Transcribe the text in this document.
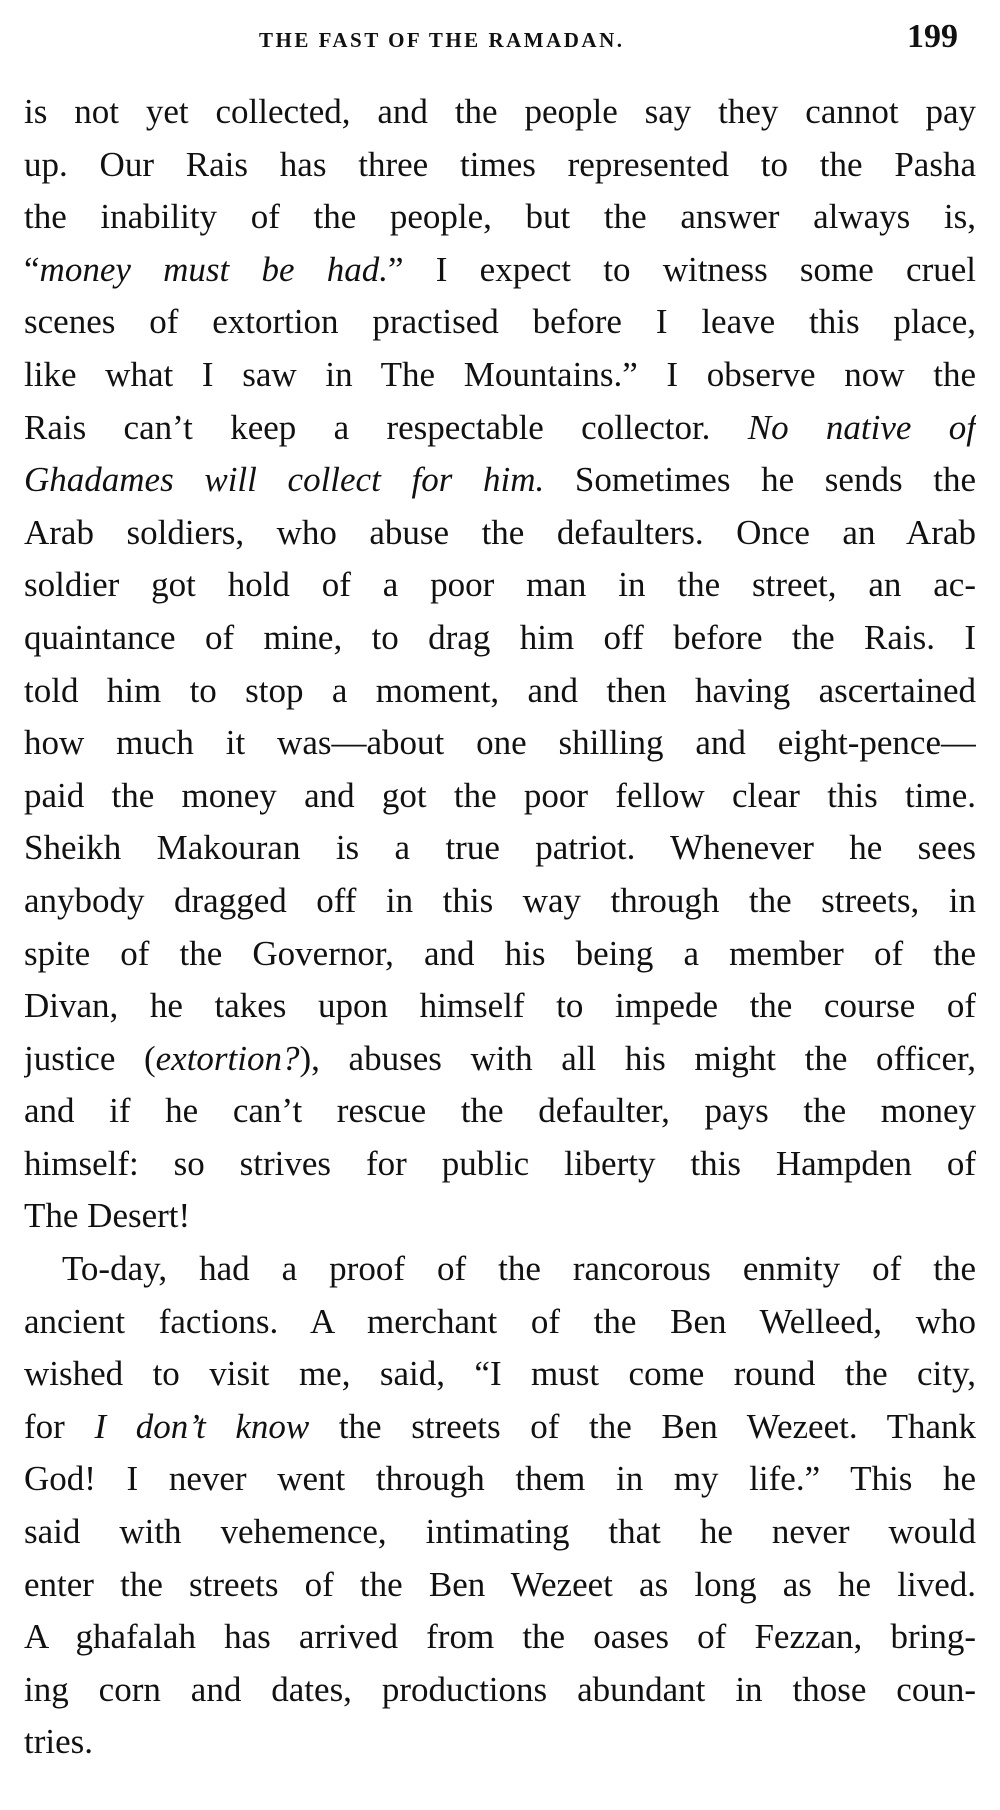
THE FAST OF THE RAMADAN.	199
is not yet collected, and the people say they cannot pay
up. Our Rais has three times represented to the Pasha
the inability of the people, but the answer always is,
“money must be had.” I expect to witness some cruel
scenes of extortion practised before I leave this place,
like what I saw in The Mountains.” I observe now the
Rais can’t keep a respectable collector. No native of
Ghadames will collect for him. Sometimes he sends the
Arab soldiers, who abuse the defaulters. Once an Arab
soldier got hold of a poor man in the street, an ac-
quaintance of mine, to drag him off before the Rais. I
told him to stop a moment, and then having ascertained
how much it was—about one shilling and eight-pence—
paid the money and got the poor fellow clear this time.
Sheikh Makouran is a true patriot. Whenever he sees
anybody dragged off in this way through the streets, in
spite of the Governor, and his being a member of the
Divan, he takes upon himself to impede the course of
justice (extortion?), abuses with all his might the officer,
and if he can’t rescue the defaulter, pays the money
himself: so strives for public liberty this Hampden of
The Desert!
To-day, had a proof of the rancorous enmity of the
ancient factions. A merchant of the Ben Welleed, who
wished to visit me, said, “I must come round the city,
for I don’t know the streets of the Ben Wezeet. Thank
God! I never went through them in my life.” This he
said with vehemence, intimating that he never would
enter the streets of the Ben Wezeet as long as he lived.
A ghafalah has arrived from the oases of Fezzan, bring-
ing corn and dates, productions abundant in those coun-
tries.
